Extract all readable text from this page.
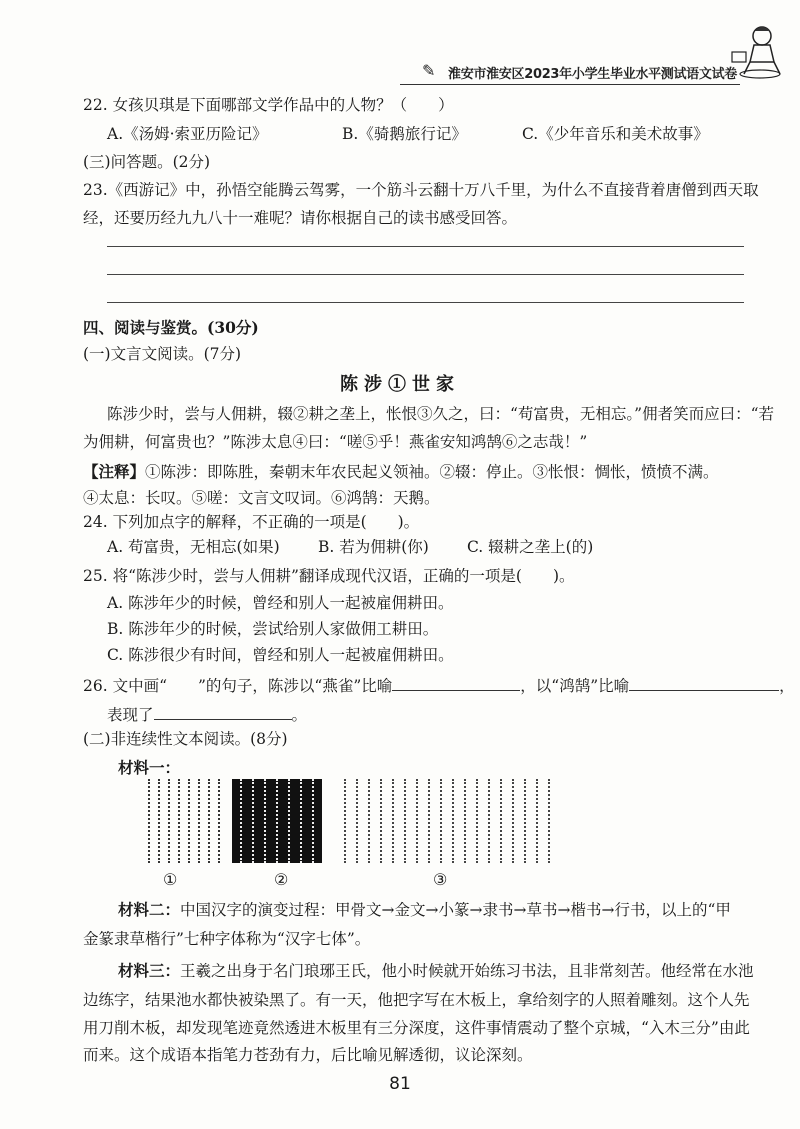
✎ 淮安市淮安区2023年小学生毕业水平测试语文试卷
22. 女孩贝琪是下面哪部文学作品中的人物？（　　）
A.《汤姆·索亚历险记》	B.《骑鹅旅行记》	C.《少年音乐和美术故事》
(三)问答题。(2分)
23.《西游记》中，孙悟空能腾云驾雾，一个筋斗云翻十万八千里，为什么不直接背着唐僧到西天取
经，还要历经九九八十一难呢？请你根据自己的读书感受回答。
四、阅读与鉴赏。(30分)
(一)文言文阅读。(7分)
陈涉①世家
陈涉少时，尝与人佣耕，辍②耕之垄上，怅恨③久之，曰：“苟富贵，无相忘。”佣者笑而应曰：“若
为佣耕，何富贵也？”陈涉太息④曰：“嗟⑤乎！燕雀安知鸿鹄⑥之志哉！”
【注释】①陈涉：即陈胜，秦朝末年农民起义领袖。②辍：停止。③怅恨：惆怅，愤愤不满。
④太息：长叹。⑤嗟：文言文叹词。⑥鸿鹄：天鹅。
24. 下列加点字的解释，不正确的一项是(　　)。
A. 苟富贵，无相忘(如果) B. 若为佣耕(你) C. 辍耕之垄上(的)
25. 将“陈涉少时，尝与人佣耕”翻译成现代汉语，正确的一项是(　　)。
A. 陈涉年少的时候，曾经和别人一起被雇佣耕田。
B. 陈涉年少的时候，尝试给别人家做佣工耕田。
C. 陈涉很少有时间，曾经和别人一起被雇佣耕田。
26. 文中画“　　”的句子，陈涉以“燕雀”比喻	，以“鸿鹄”比喻	，
表现了	。
(二)非连续性文本阅读。(8分)
材料一：
①	②	③
材料二：中国汉字的演变过程：甲骨文→金文→小篆→隶书→草书→楷书→行书，以上的“甲
金篆隶草楷行”七种字体称为“汉字七体”。
材料三：王羲之出身于名门琅琊王氏，他小时候就开始练习书法，且非常刻苦。他经常在水池
边练字，结果池水都快被染黑了。有一天，他把字写在木板上，拿给刻字的人照着雕刻。这个人先
用刀削木板，却发现笔迹竟然透进木板里有三分深度，这件事情震动了整个京城，“入木三分”由此
而来。这个成语本指笔力苍劲有力，后比喻见解透彻，议论深刻。
81
